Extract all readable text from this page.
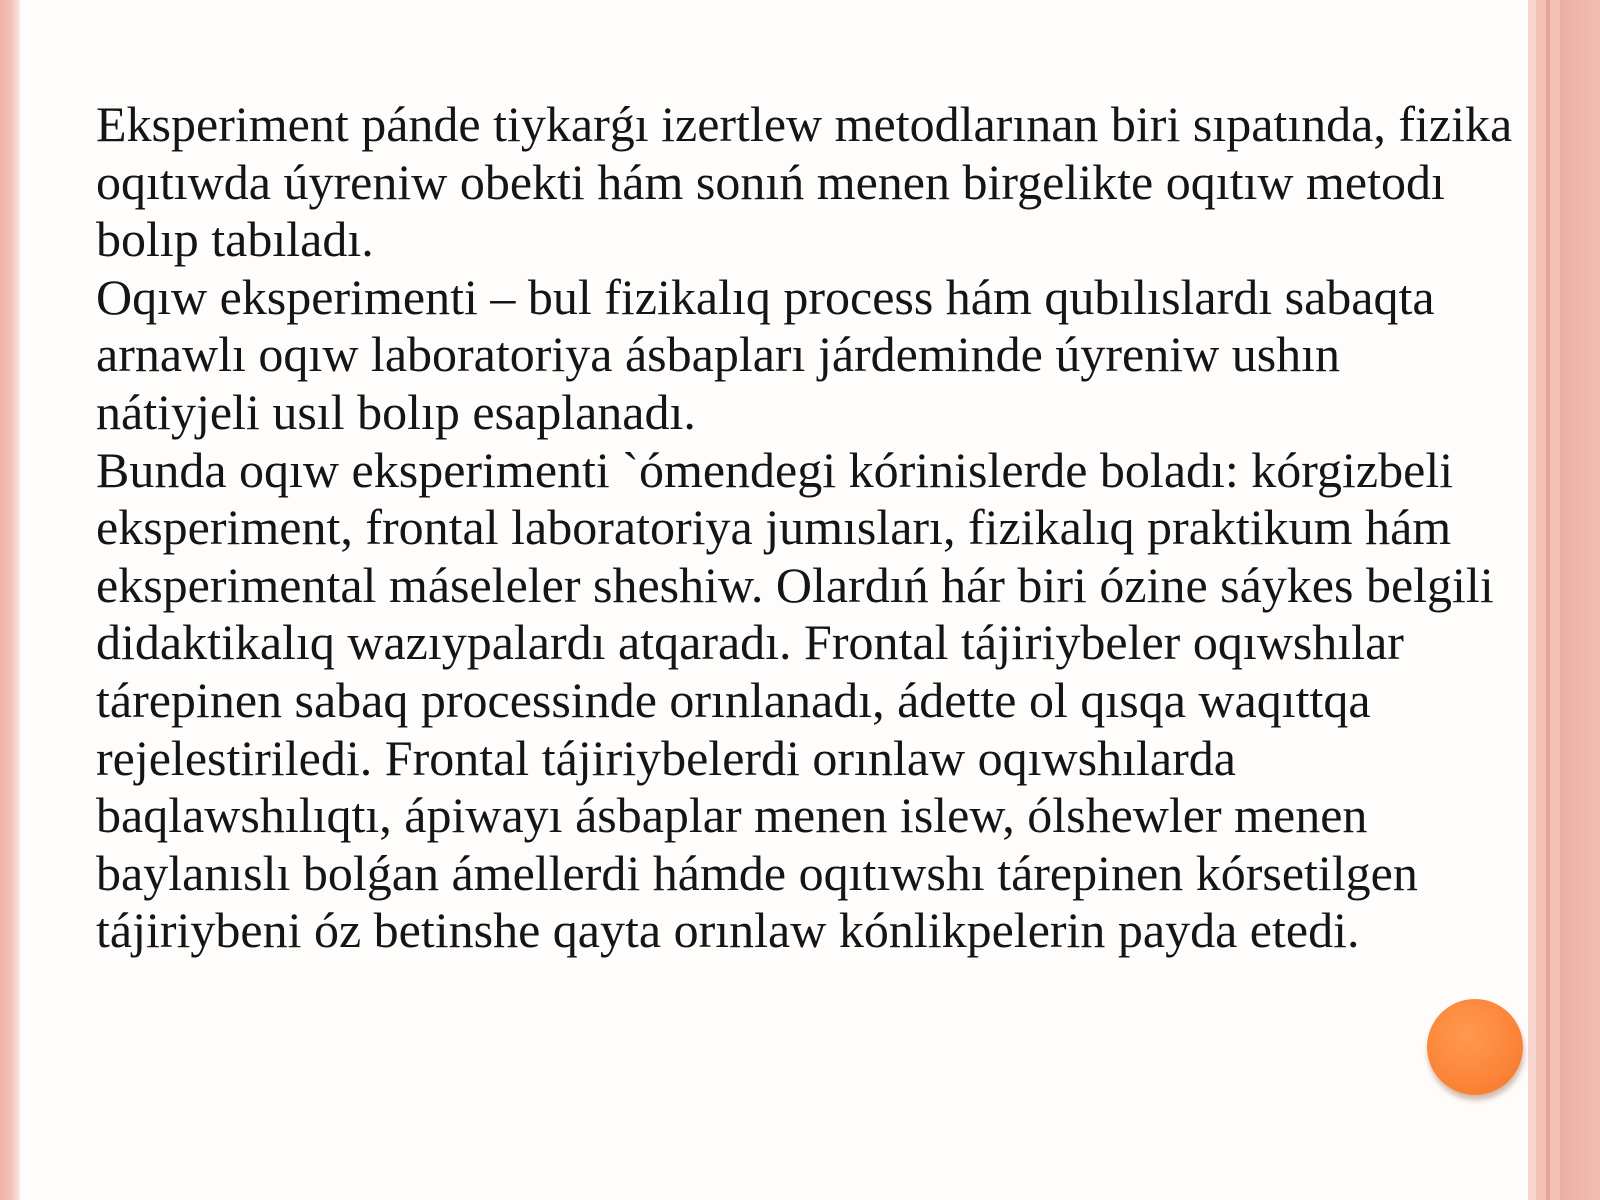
Eksperiment pánde tiykarǵı izertlew metodlarınan biri sıpatında, fizika oqıtıwda úyreniw obekti hám sonıń menen birgelikte oqıtıw metodı bolıp tabıladı.

Oqıw eksperimenti – bul fizikalıq process hám qubılıslardı sabaqta arnawlı oqıw laboratoriya ásbapları járdeminde úyreniw ushın nátiyjeli usıl bolıp esaplanadı.

Bunda oqıw eksperimenti `ómendegi kórinislerde boladı: kórgizbeli eksperiment, frontal laboratoriya jumısları, fizikalıq praktikum hám eksperimental máseleler sheshiw. Olardıń hár biri ózine sáykes belgili didaktikalıq wazıypalardı atqaradı. Frontal tájiriybeler oqıwshılar tárepinen sabaq processinde orınlanadı, ádette ol qısqa waqıttqa rejelestiriledi. Frontal tájiriybelerdi orınlaw oqıwshılarda baqlawshılıqtı, ápiwayı ásbaplar menen islew, ólshewler menen baylanıslı bolǵan ámellerdi hámde oqıtıwshı tárepinen kórsetilgen tájiriybeni óz betinshe qayta orınlaw kónlikpelerin payda etedi.
